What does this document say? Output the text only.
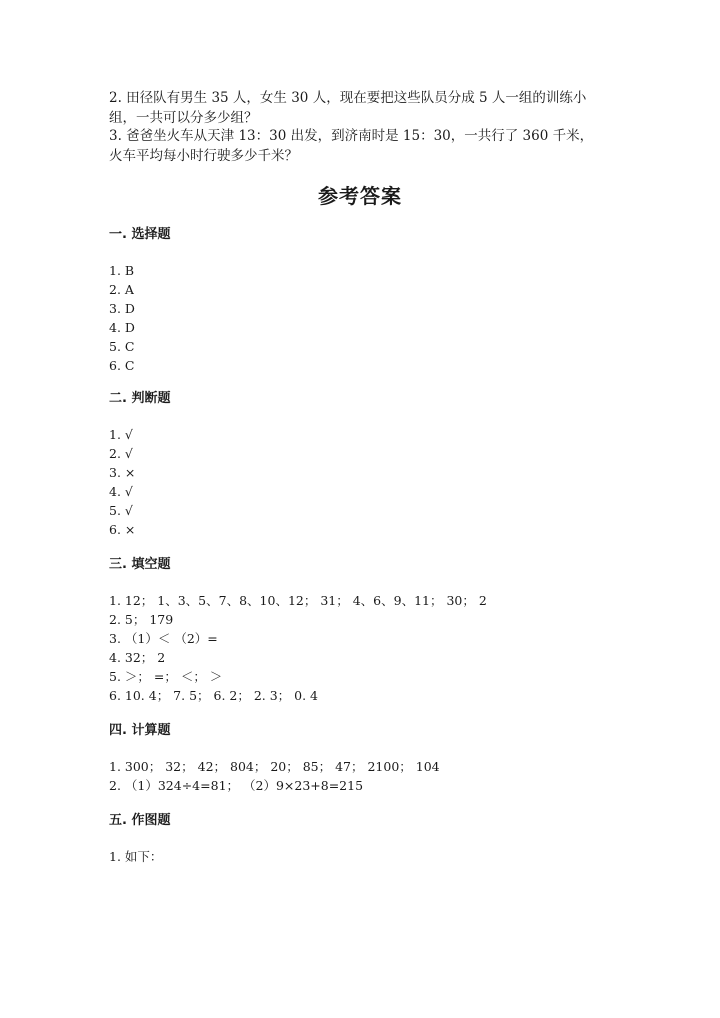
2. 田径队有男生 35 人，女生 30 人，现在要把这些队员分成 5 人一组的训练小
组，一共可以分多少组？
3. 爸爸坐火车从天津 13：30 出发，到济南时是 15：30，一共行了 360 千米，
火车平均每小时行驶多少千米？
参考答案
一. 选择题
1. B
2. A
3. D
4. D
5. C
6. C
二. 判断题
1. √
2. √
3. ×
4. √
5. √
6. ×
三. 填空题
1. 12； 1、3、5、7、8、10、12； 31； 4、6、9、11； 30； 2
2. 5； 179
3. （1）＜ （2）=
4. 32； 2
5. ＞； =； ＜； ＞
6. 10. 4； 7. 5； 6. 2； 2. 3； 0. 4
四. 计算题
1. 300； 32； 42； 804； 20； 85； 47； 2100； 104
2. （1）324÷4=81； （2）9×23+8=215
五. 作图题
1. 如下：
